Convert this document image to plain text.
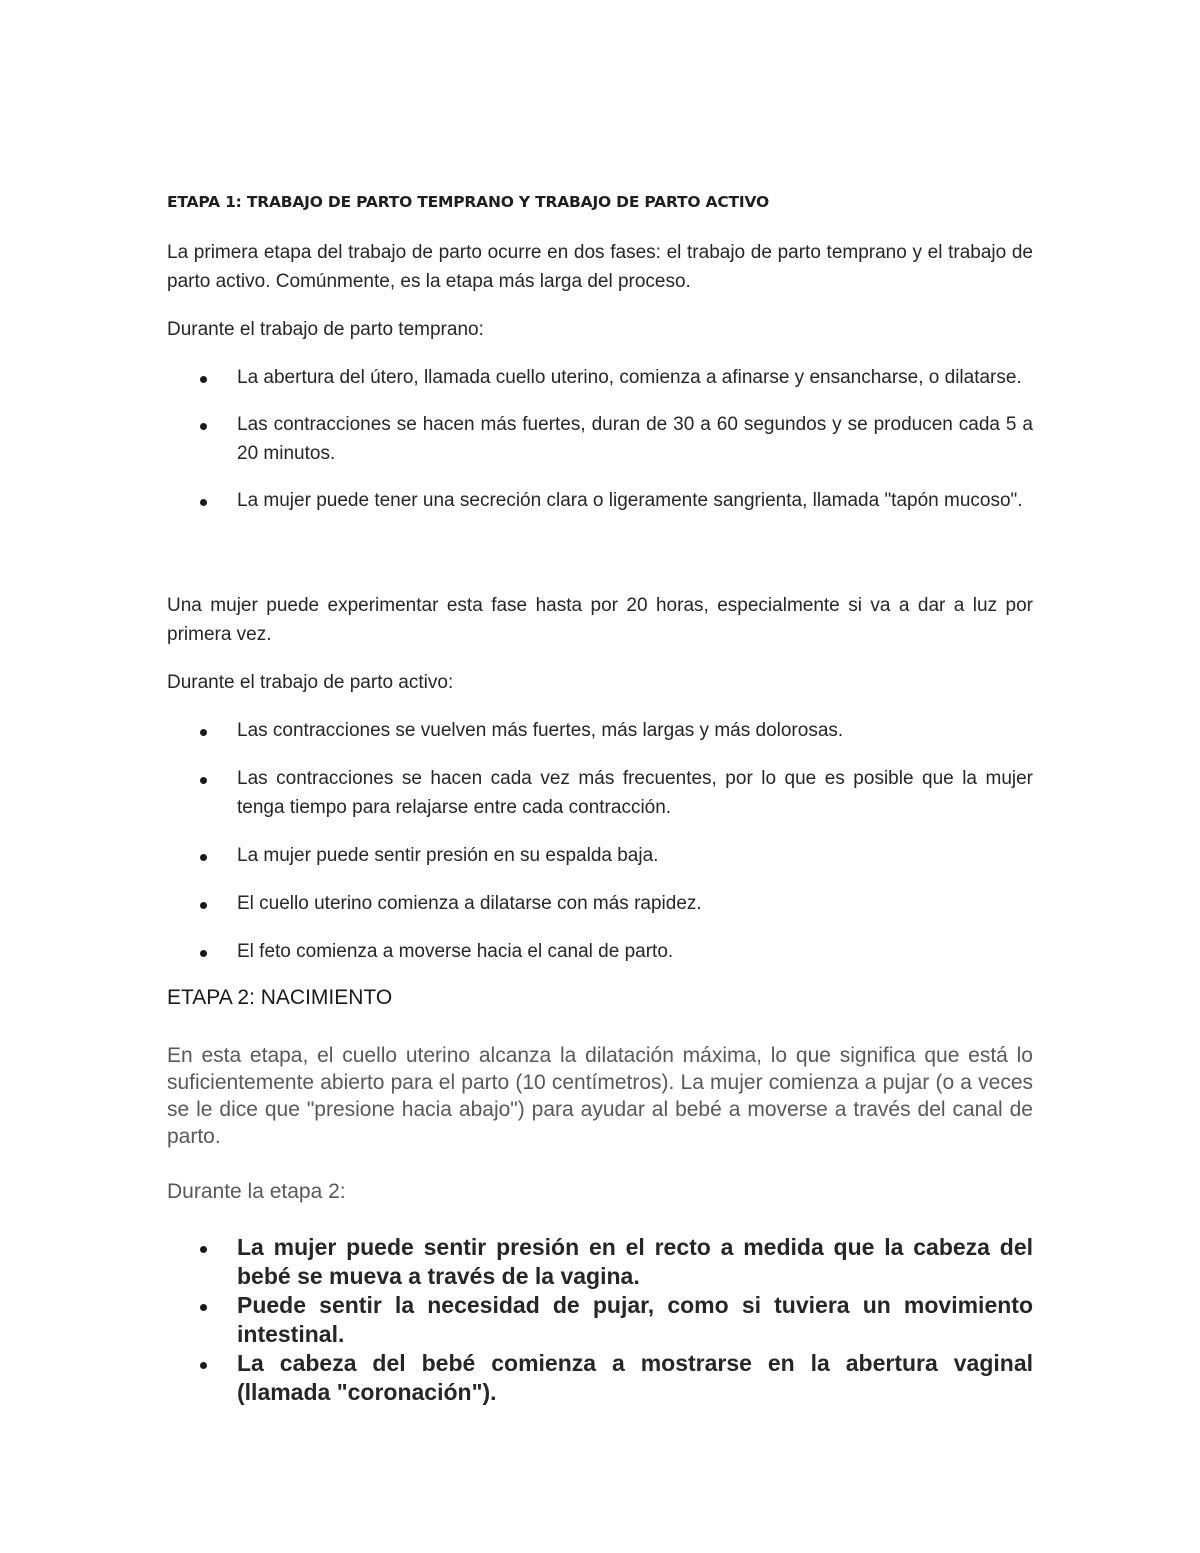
ETAPA 1: TRABAJO DE PARTO TEMPRANO Y TRABAJO DE PARTO ACTIVO
La primera etapa del trabajo de parto ocurre en dos fases: el trabajo de parto temprano y el trabajo de parto activo. Comúnmente, es la etapa más larga del proceso.
Durante el trabajo de parto temprano:
La abertura del útero, llamada cuello uterino, comienza a afinarse y ensancharse, o dilatarse.
Las contracciones se hacen más fuertes, duran de 30 a 60 segundos y se producen cada 5 a 20 minutos.
La mujer puede tener una secreción clara o ligeramente sangrienta, llamada "tapón mucoso".
Una mujer puede experimentar esta fase hasta por 20 horas, especialmente si va a dar a luz por primera vez.
Durante el trabajo de parto activo:
Las contracciones se vuelven más fuertes, más largas y más dolorosas.
Las contracciones se hacen cada vez más frecuentes, por lo que es posible que la mujer tenga tiempo para relajarse entre cada contracción.
La mujer puede sentir presión en su espalda baja.
El cuello uterino comienza a dilatarse con más rapidez.
El feto comienza a moverse hacia el canal de parto.
ETAPA 2: NACIMIENTO
En esta etapa, el cuello uterino alcanza la dilatación máxima, lo que significa que está lo suficientemente abierto para el parto (10 centímetros). La mujer comienza a pujar (o a veces se le dice que "presione hacia abajo") para ayudar al bebé a moverse a través del canal de parto.
Durante la etapa 2:
La mujer puede sentir presión en el recto a medida que la cabeza del bebé se mueva a través de la vagina.
Puede sentir la necesidad de pujar, como si tuviera un movimiento intestinal.
La cabeza del bebé comienza a mostrarse en la abertura vaginal (llamada "coronación").
